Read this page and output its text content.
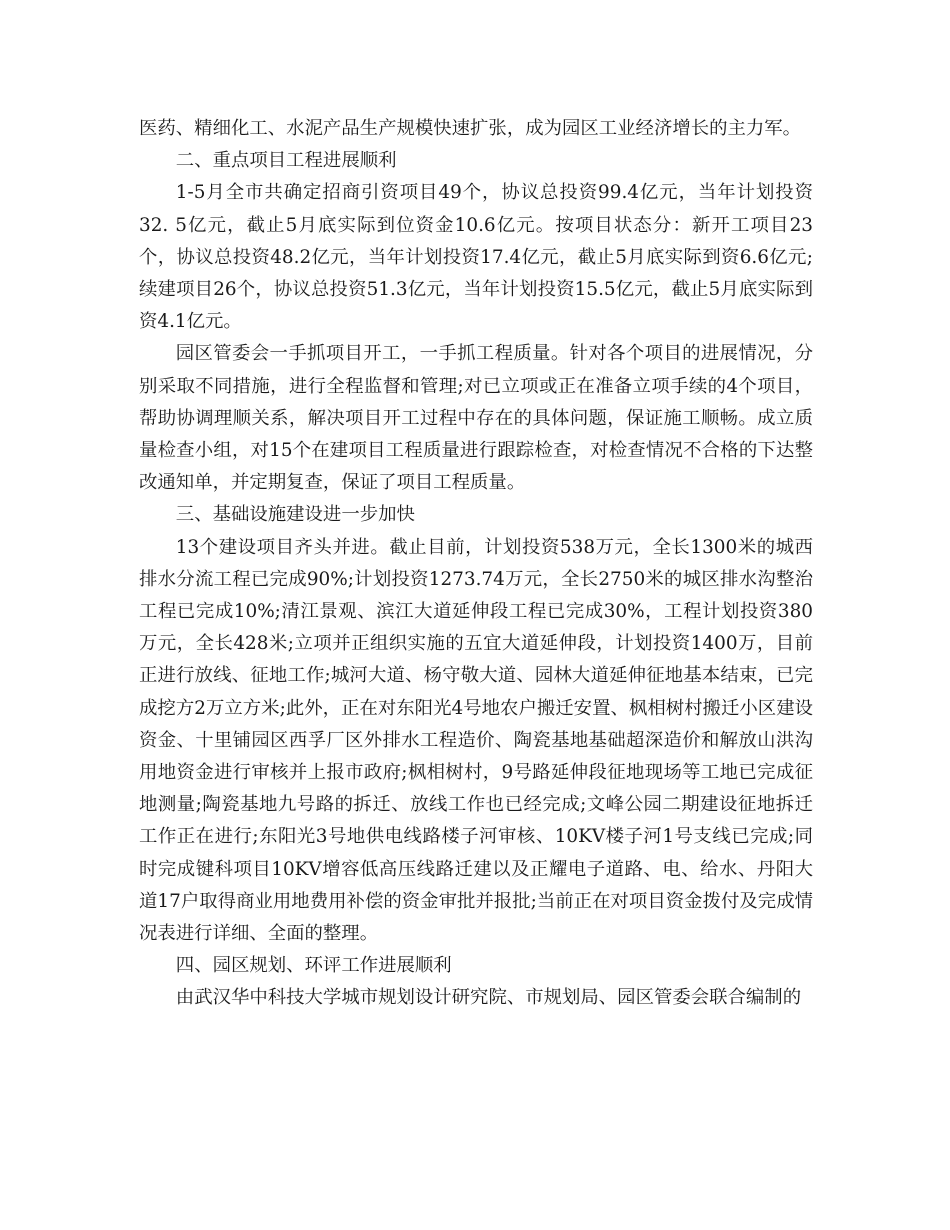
医药、精细化工、水泥产品生产规模快速扩张，成为园区工业经济增长的主力军。

二、重点项目工程进展顺利

1-5月全市共确定招商引资项目49个，协议总投资99.4亿元，当年计划投资32. 5亿元，截止5月底实际到位资金10.6亿元。按项目状态分：新开工项目23个，协议总投资48.2亿元，当年计划投资17.4亿元，截止5月底实际到资6.6亿元;续建项目26个，协议总投资51.3亿元，当年计划投资15.5亿元，截止5月底实际到资4.1亿元。

园区管委会一手抓项目开工，一手抓工程质量。针对各个项目的进展情况，分别采取不同措施，进行全程监督和管理;对已立项或正在准备立项手续的4个项目，帮助协调理顺关系，解决项目开工过程中存在的具体问题，保证施工顺畅。成立质量检查小组，对15个在建项目工程质量进行跟踪检查，对检查情况不合格的下达整改通知单，并定期复查，保证了项目工程质量。

三、基础设施建设进一步加快

13个建设项目齐头并进。截止目前，计划投资538万元，全长1300米的城西排水分流工程已完成90%;计划投资1273.74万元，全长2750米的城区排水沟整治工程已完成10%;清江景观、滨江大道延伸段工程已完成30%，工程计划投资380万元，全长428米;立项并正组织实施的五宜大道延伸段，计划投资1400万，目前正进行放线、征地工作;城河大道、杨守敬大道、园林大道延伸征地基本结束，已完成挖方2万立方米;此外，正在对东阳光4号地农户搬迁安置、枫相树村搬迁小区建设资金、十里铺园区西孚厂区外排水工程造价、陶瓷基地基础超深造价和解放山洪沟用地资金进行审核并上报市政府;枫相树村，9号路延伸段征地现场等工地已完成征地测量;陶瓷基地九号路的拆迁、放线工作也已经完成;文峰公园二期建设征地拆迁工作正在进行;东阳光3号地供电线路楼子河审核、10KV楼子河1号支线已完成;同时完成键科项目10KV增容低高压线路迁建以及正耀电子道路、电、给水、丹阳大道17户取得商业用地费用补偿的资金审批并报批;当前正在对项目资金拨付及完成情况表进行详细、全面的整理。

四、园区规划、环评工作进展顺利

由武汉华中科技大学城市规划设计研究院、市规划局、园区管委会联合编制的
